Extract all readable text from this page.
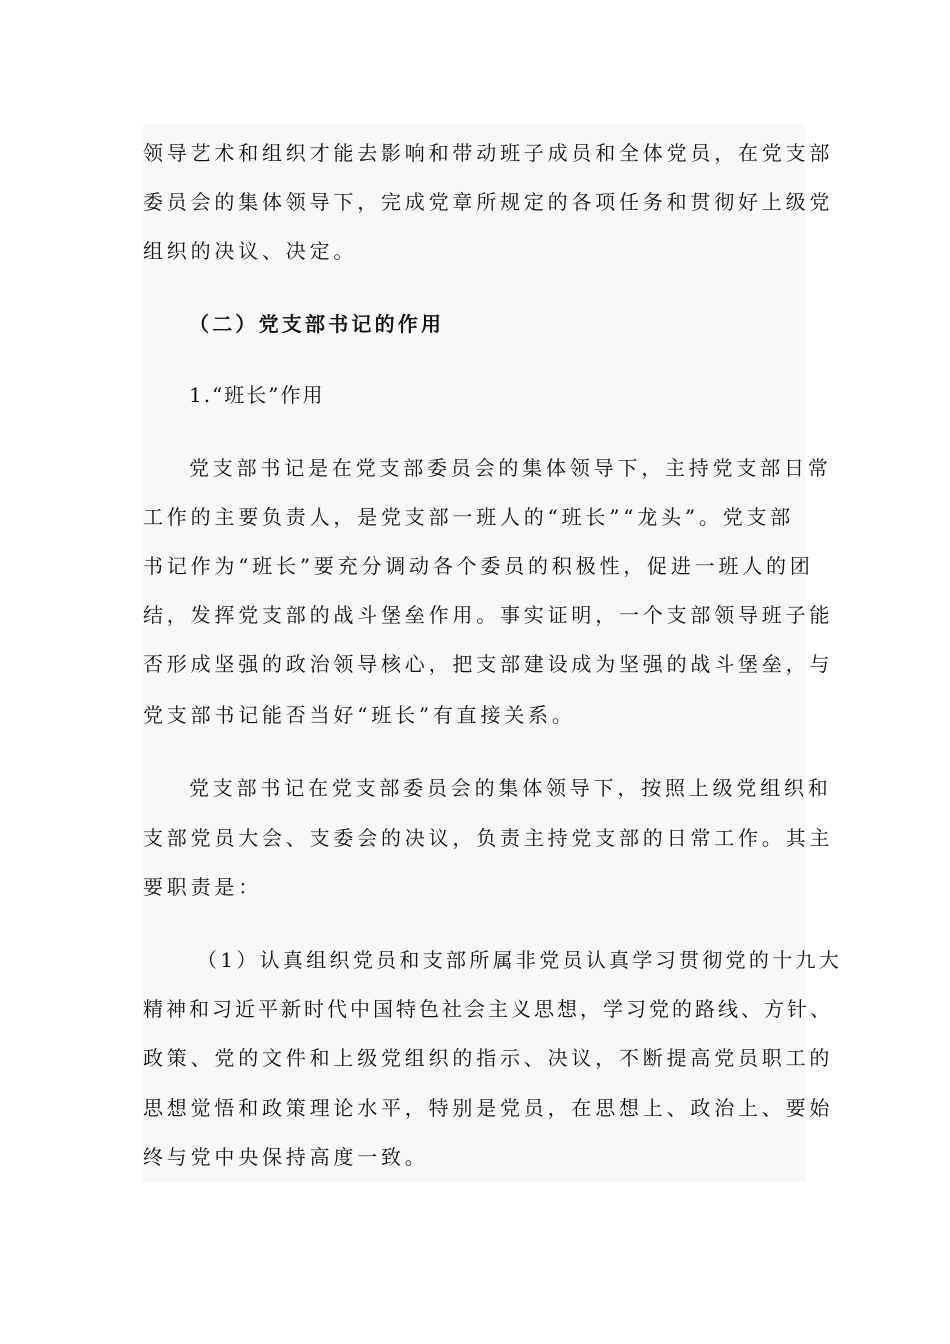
领导艺术和组织才能去影响和带动班子成员和全体党员，在党支部
委员会的集体领导下，完成党章所规定的各项任务和贯彻好上级党
组织的决议、决定。
（二）党支部书记的作用
1.“班长”作用
党支部书记是在党支部委员会的集体领导下，主持党支部日常
工作的主要负责人，是党支部一班人的“班长”“龙头”。党支部
书记作为“班长”要充分调动各个委员的积极性，促进一班人的团
结，发挥党支部的战斗堡垒作用。事实证明，一个支部领导班子能
否形成坚强的政治领导核心，把支部建设成为坚强的战斗堡垒，与
党支部书记能否当好“班长”有直接关系。
党支部书记在党支部委员会的集体领导下，按照上级党组织和
支部党员大会、支委会的决议，负责主持党支部的日常工作。其主
要职责是：
（1）认真组织党员和支部所属非党员认真学习贯彻党的十九大
精神和习近平新时代中国特色社会主义思想，学习党的路线、方针、
政策、党的文件和上级党组织的指示、决议，不断提高党员职工的
思想觉悟和政策理论水平，特别是党员，在思想上、政治上、要始
终与党中央保持高度一致。
